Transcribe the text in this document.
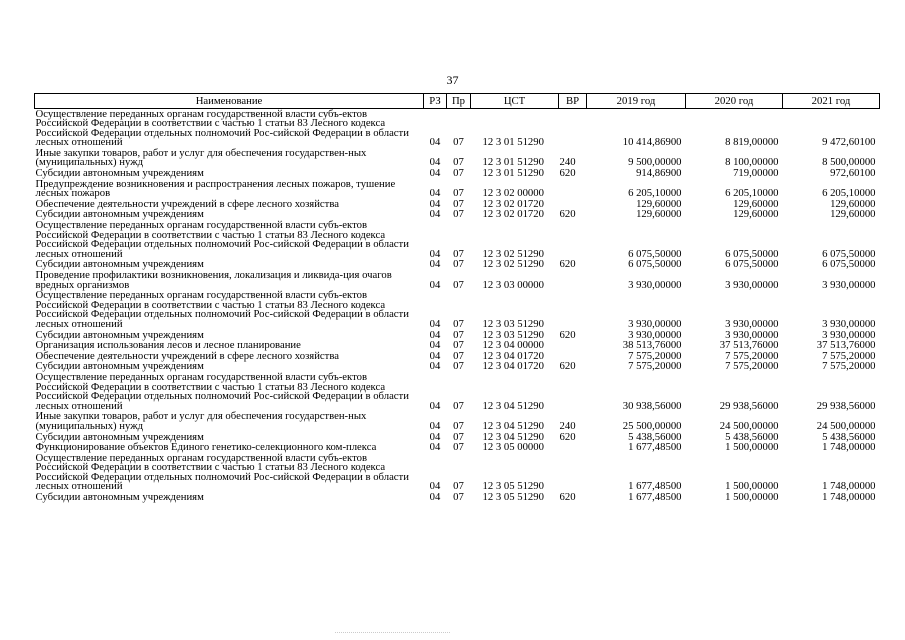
37
Наименование	РЗ	Пр	ЦСТ	ВР	2019 год	2020 год	2021 год
Осуществление переданных органам государственной власти субъ-ектов Российской Федерации в соответствии с частью 1 статьи 83 Лесного кодекса Российской Федерации отдельных полномочий Рос-сийской Федерации в области лесных отношений	04	07	12 3 01 51290		10 414,86900	8 819,00000	9 472,60100
Иные закупки товаров, работ и услуг для обеспечения государствен-ных (муниципальных) нужд	04	07	12 3 01 51290	240	9 500,00000	8 100,00000	8 500,00000
Субсидии автономным учреждениям	04	07	12 3 01 51290	620	914,86900	719,00000	972,60100
Предупреждение возникновения и распространения лесных пожаров, тушение лесных пожаров	04	07	12 3 02 00000		6 205,10000	6 205,10000	6 205,10000
Обеспечение деятельности учреждений в сфере лесного хозяйства	04	07	12 3 02 01720		129,60000	129,60000	129,60000
Субсидии автономным учреждениям	04	07	12 3 02 01720	620	129,60000	129,60000	129,60000
Осуществление переданных органам государственной власти субъ-ектов Российской Федерации в соответствии с частью 1 статьи 83 Лесного кодекса Российской Федерации отдельных полномочий Рос-сийской Федерации в области лесных отношений	04	07	12 3 02 51290		6 075,50000	6 075,50000	6 075,50000
Субсидии автономным учреждениям	04	07	12 3 02 51290	620	6 075,50000	6 075,50000	6 075,50000
Проведение профилактики возникновения, локализация и ликвида-ция очагов вредных организмов	04	07	12 3 03 00000		3 930,00000	3 930,00000	3 930,00000
Осуществление переданных органам государственной власти субъ-ектов Российской Федерации в соответствии с частью 1 статьи 83 Лесного кодекса Российской Федерации отдельных полномочий Рос-сийской Федерации в области лесных отношений	04	07	12 3 03 51290		3 930,00000	3 930,00000	3 930,00000
Субсидии автономным учреждениям	04	07	12 3 03 51290	620	3 930,00000	3 930,00000	3 930,00000
Организация использования лесов и лесное планирование	04	07	12 3 04 00000		38 513,76000	37 513,76000	37 513,76000
Обеспечение деятельности учреждений в сфере лесного хозяйства	04	07	12 3 04 01720		7 575,20000	7 575,20000	7 575,20000
Субсидии автономным учреждениям	04	07	12 3 04 01720	620	7 575,20000	7 575,20000	7 575,20000
Осуществление переданных органам государственной власти субъ-ектов Российской Федерации в соответствии с частью 1 статьи 83 Лесного кодекса Российской Федерации отдельных полномочий Рос-сийской Федерации в области лесных отношений	04	07	12 3 04 51290		30 938,56000	29 938,56000	29 938,56000
Иные закупки товаров, работ и услуг для обеспечения государствен-ных (муниципальных) нужд	04	07	12 3 04 51290	240	25 500,00000	24 500,00000	24 500,00000
Субсидии автономным учреждениям	04	07	12 3 04 51290	620	5 438,56000	5 438,56000	5 438,56000
Функционирование объектов Единого генетико-селекционного ком-плекса	04	07	12 3 05 00000		1 677,48500	1 500,00000	1 748,00000
Осуществление переданных органам государственной власти субъ-ектов Российской Федерации в соответствии с частью 1 статьи 83 Лесного кодекса Российской Федерации отдельных полномочий Рос-сийской Федерации в области лесных отношений	04	07	12 3 05 51290		1 677,48500	1 500,00000	1 748,00000
Субсидии автономным учреждениям	04	07	12 3 05 51290	620	1 677,48500	1 500,00000	1 748,00000
